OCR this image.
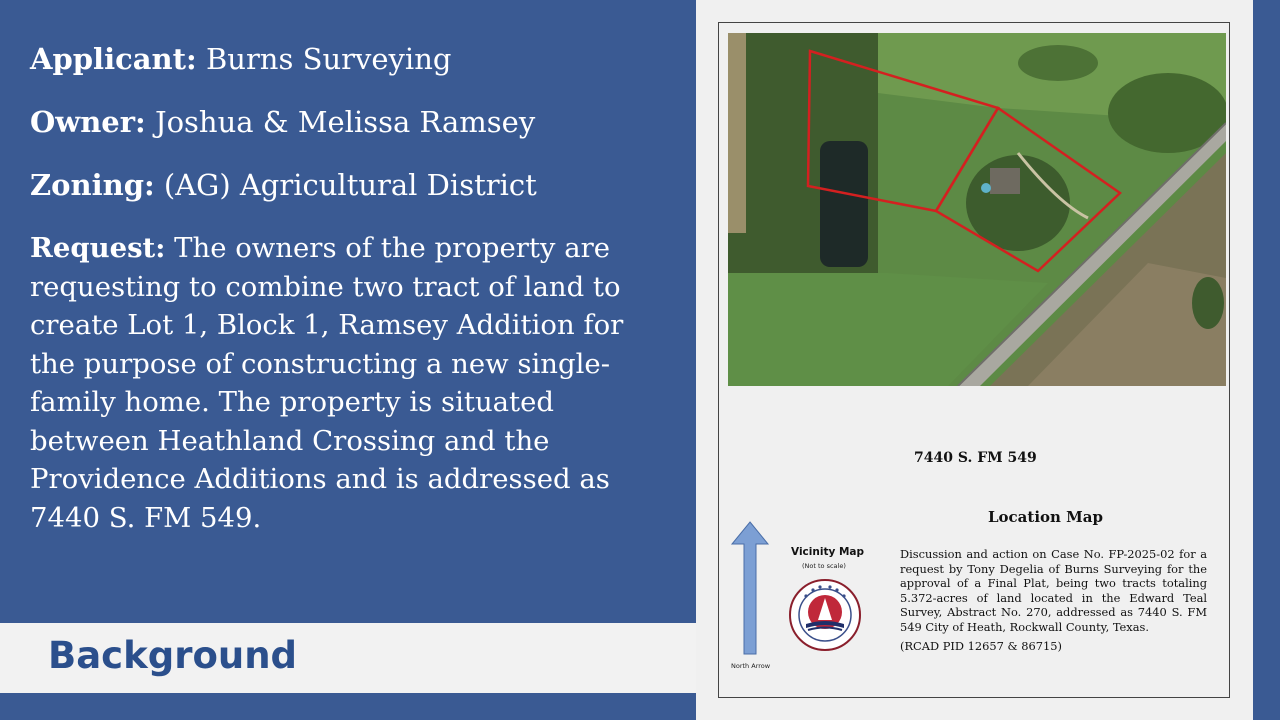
Applicant: Burns Surveying
Owner: Joshua & Melissa Ramsey
Zoning: (AG) Agricultural District
Request: The owners of the property are requesting to combine two tract of land to create Lot 1, Block 1, Ramsey Addition for the purpose of constructing a new single-family home. The property is situated between Heathland Crossing and the Providence Additions and is addressed as 7440 S. FM 549.
Background
7440 S. FM 549
Location Map
Discussion and action on Case No. FP-2025-02 for a request by Tony Degelia of Burns Surveying for the approval of a Final Plat, being two tracts totaling 5.372-acres of land located in the Edward Teal Survey, Abstract No. 270, addressed as 7440 S. FM 549 City of Heath, Rockwall County, Texas.
(RCAD PID 12657 & 86715)
North Arrow
Vicinity Map
(Not to scale)
